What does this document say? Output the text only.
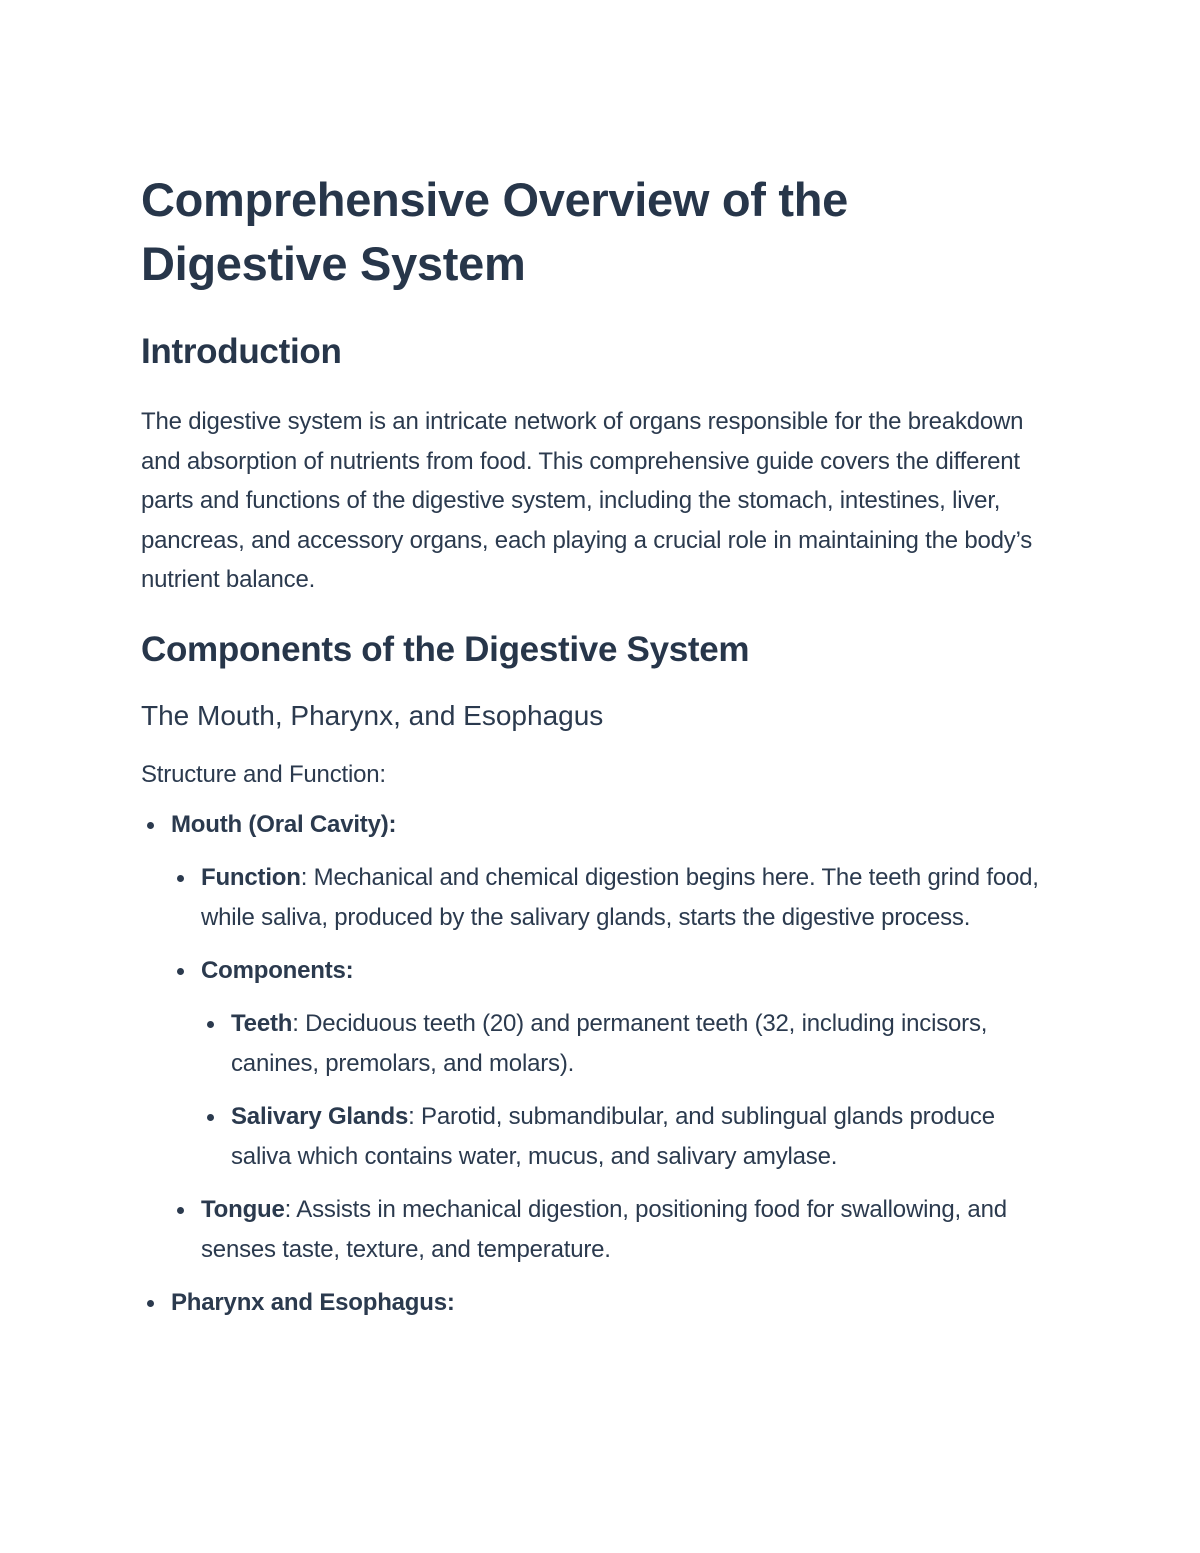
Comprehensive Overview of the Digestive System
Introduction

The digestive system is an intricate network of organs responsible for the breakdown and absorption of nutrients from food. This comprehensive guide covers the different parts and functions of the digestive system, including the stomach, intestines, liver, pancreas, and accessory organs, each playing a crucial role in maintaining the body’s nutrient balance.

Components of the Digestive System
The Mouth, Pharynx, and Esophagus

Structure and Function:

Mouth (Oral Cavity):
Function: Mechanical and chemical digestion begins here. The teeth grind food, while saliva, produced by the salivary glands, starts the digestive process.
Components:
Teeth: Deciduous teeth (20) and permanent teeth (32, including incisors, canines, premolars, and molars).
Salivary Glands: Parotid, submandibular, and sublingual glands produce saliva which contains water, mucus, and salivary amylase.
Tongue: Assists in mechanical digestion, positioning food for swallowing, and senses taste, texture, and temperature.
Pharynx and Esophagus:
